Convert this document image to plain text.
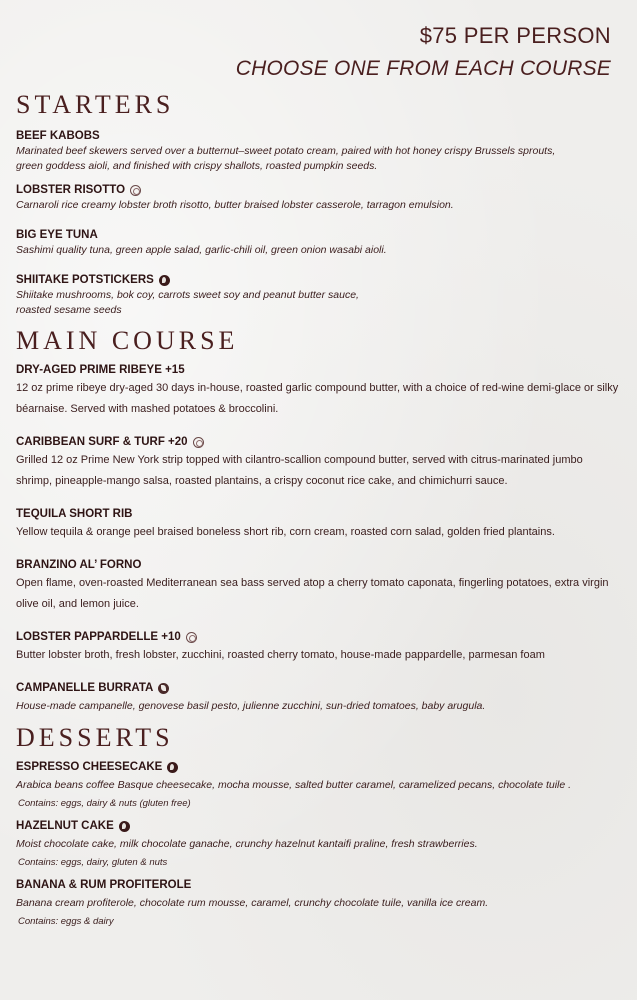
$75 PER PERSON
CHOOSE ONE FROM EACH COURSE
STARTERS
BEEF KABOBS
Marinated beef skewers served over a butternut–sweet potato cream, paired with hot honey crispy Brussels sprouts,
green goddess aioli, and finished with crispy shallots, roasted pumpkin seeds.
LOBSTER RISOTTO
Carnaroli rice creamy lobster broth risotto, butter braised lobster casserole, tarragon emulsion.
BIG EYE TUNA
Sashimi quality tuna, green apple salad, garlic-chili oil, green onion wasabi aioli.
SHIITAKE POTSTICKERS
Shiitake mushrooms, bok coy, carrots sweet soy and peanut butter sauce,
roasted sesame seeds
MAIN COURSE
DRY-AGED PRIME RIBEYE +15
12 oz prime ribeye dry-aged 30 days in-house, roasted garlic compound butter, with a choice of red-wine demi-glace or silky béarnaise. Served with mashed potatoes & broccolini.
CARIBBEAN SURF & TURF +20
Grilled 12 oz Prime New York strip topped with cilantro-scallion compound butter, served with citrus-marinated jumbo shrimp, pineapple-mango salsa, roasted plantains, a crispy coconut rice cake, and chimichurri sauce.
TEQUILA SHORT RIB
Yellow tequila & orange peel braised boneless short rib, corn cream, roasted corn salad, golden fried plantains.
BRANZINO AL’ FORNO
Open flame, oven-roasted Mediterranean sea bass served atop a cherry tomato caponata, fingerling potatoes, extra virgin olive oil, and lemon juice.
LOBSTER PAPPARDELLE +10
Butter lobster broth, fresh lobster, zucchini, roasted cherry tomato, house-made pappardelle, parmesan foam
CAMPANELLE BURRATA
House-made campanelle, genovese basil pesto, julienne zucchini, sun-dried tomatoes, baby arugula.
DESSERTS
ESPRESSO CHEESECAKE
Arabica beans coffee Basque cheesecake, mocha mousse, salted butter caramel, caramelized pecans, chocolate tuile .
Contains: eggs, dairy & nuts (gluten free)
HAZELNUT CAKE
Moist chocolate cake, milk chocolate ganache, crunchy hazelnut kantaifi praline, fresh strawberries.
Contains: eggs, dairy, gluten & nuts
BANANA & RUM PROFITEROLE
Banana cream profiterole, chocolate rum mousse, caramel, crunchy chocolate tuile, vanilla ice cream.
Contains: eggs & dairy
